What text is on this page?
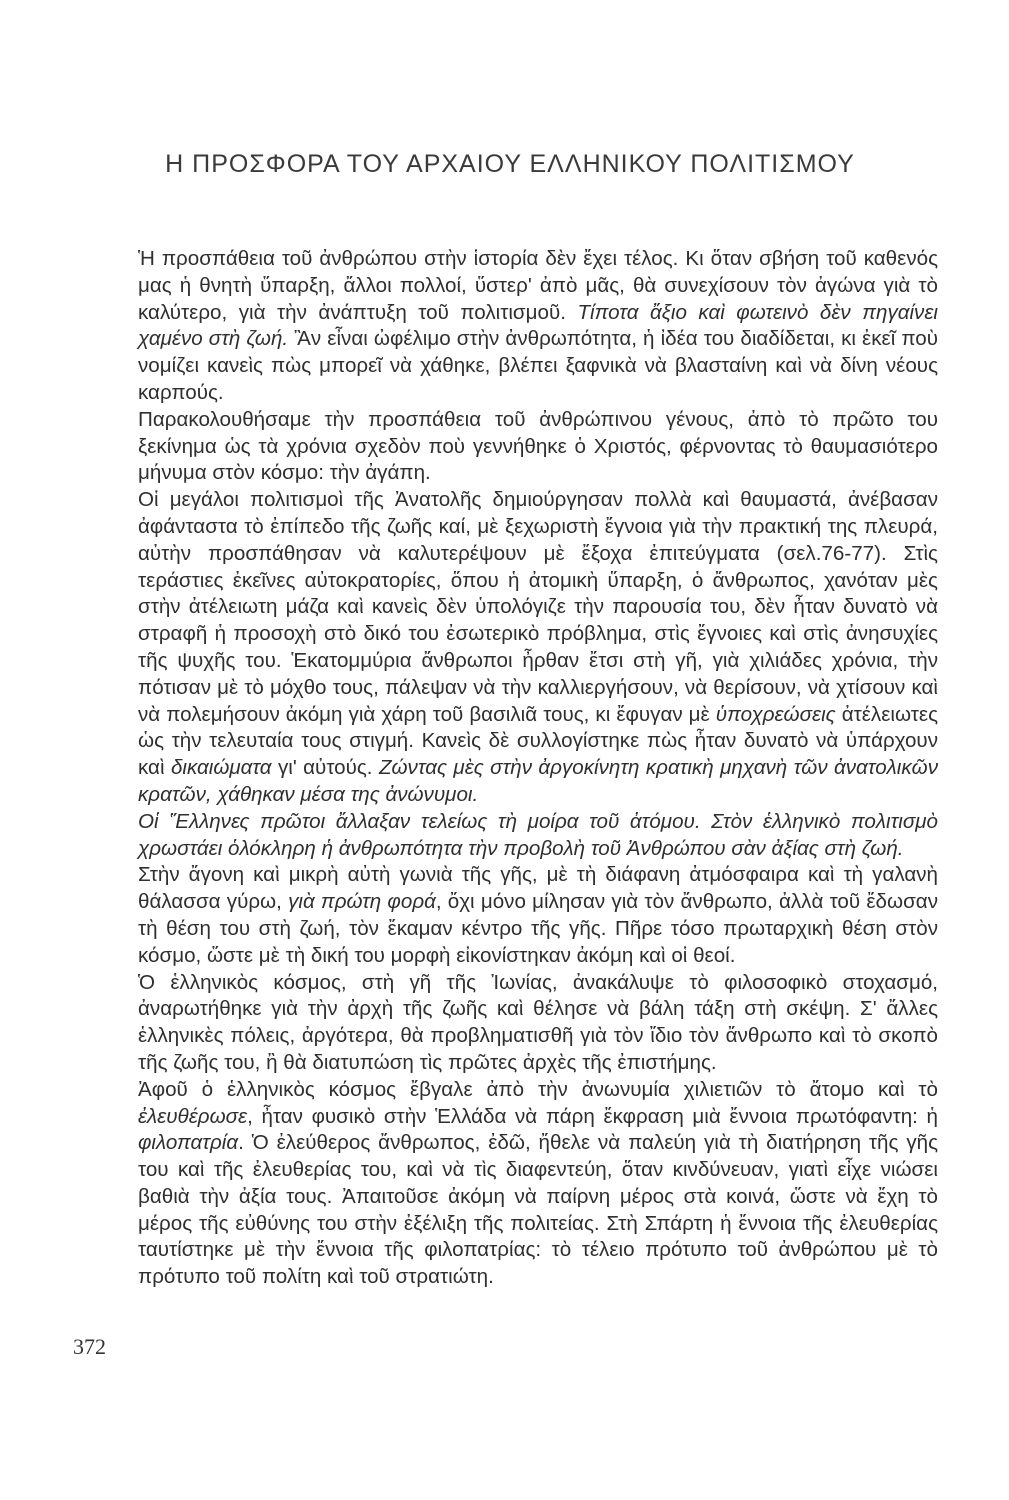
Η ΠΡΟΣΦΟΡΑ ΤΟΥ ΑΡΧΑΙΟΥ ΕΛΛΗΝΙΚΟΥ ΠΟΛΙΤΙΣΜΟΥ

Ἡ προσπάθεια τοῦ ἀνθρώπου στὴν ἱστορία δὲν ἔχει τέλος. Κι ὅταν σβήση τοῦ καθενός μας ἡ θνητὴ ὕπαρξη, ἄλλοι πολλοί, ὕστερ' ἀπὸ μᾶς, θὰ συνεχίσουν τὸν ἀγώνα γιὰ τὸ καλύτερο, γιὰ τὴν ἀνάπτυξη τοῦ πολιτισμοῦ. Τίποτα ἄξιο καὶ φωτεινὸ δὲν πηγαίνει χαμένο στὴ ζωή. Ἂν εἶναι ὠφέλιμο στὴν ἀνθρωπότητα, ἡ ἰδέα του διαδίδεται, κι ἐκεῖ ποὺ νομίζει κανεὶς πὼς μπορεῖ νὰ χάθηκε, βλέπει ξαφνικὰ νὰ βλασταίνη καὶ νὰ δίνη νέους καρπούς.

Παρακολουθήσαμε τὴν προσπάθεια τοῦ ἀνθρώπινου γένους, ἀπὸ τὸ πρῶτο του ξεκίνημα ὡς τὰ χρόνια σχεδὸν ποὺ γεννήθηκε ὁ Χριστός, φέρνοντας τὸ θαυμασιότερο μήνυμα στὸν κόσμο: τὴν ἀγάπη.

Οἱ μεγάλοι πολιτισμοὶ τῆς Ἀνατολῆς δημιούργησαν πολλὰ καὶ θαυμαστά, ἀνέβασαν ἀφάνταστα τὸ ἐπίπεδο τῆς ζωῆς καί, μὲ ξεχωριστὴ ἔγνοια γιὰ τὴν πρακτική της πλευρά, αὐτὴν προσπάθησαν νὰ καλυτερέψουν μὲ ἔξοχα ἐπιτεύγματα (σελ.76-77). Στὶς τεράστιες ἐκεῖνες αὐτοκρατορίες, ὅπου ἡ ἀτομικὴ ὕπαρξη, ὁ ἄνθρωπος, χανόταν μὲς στὴν ἀτέλειωτη μάζα καὶ κανεὶς δὲν ὑπολόγιζε τὴν παρουσία του, δὲν ἦταν δυνατὸ νὰ στραφῆ ἡ προσοχὴ στὸ δικό του ἐσωτερικὸ πρόβλημα, στὶς ἔγνοιες καὶ στὶς ἀνησυχίες τῆς ψυχῆς του. Ἑκατομμύρια ἄνθρωποι ἦρθαν ἔτσι στὴ γῆ, γιὰ χιλιάδες χρόνια, τὴν πότισαν μὲ τὸ μόχθο τους, πάλεψαν νὰ τὴν καλλιεργήσουν, νὰ θερίσουν, νὰ χτίσουν καὶ νὰ πολεμήσουν ἀκόμη γιὰ χάρη τοῦ βασιλιᾶ τους, κι ἔφυγαν μὲ ὑποχρεώσεις ἀτέλειωτες ὡς τὴν τελευταία τους στιγμή. Κανεὶς δὲ συλλογίστηκε πὼς ἦταν δυνατὸ νὰ ὑπάρχουν καὶ δικαιώματα γι' αὐτούς. Ζώντας μὲς στὴν ἀργοκίνητη κρατικὴ μηχανὴ τῶν ἀνατολικῶν κρατῶν, χάθηκαν μέσα της ἀνώνυμοι.

Οἱ Ἕλληνες πρῶτοι ἄλλαξαν τελείως τὴ μοίρα τοῦ ἀτόμου. Στὸν ἑλληνικὸ πολιτισμὸ χρωστάει ὁλόκληρη ἡ ἀνθρωπότητα τὴν προβολὴ τοῦ Ἀνθρώπου σὰν ἀξίας στὴ ζωή.

Στὴν ἄγονη καὶ μικρὴ αὐτὴ γωνιὰ τῆς γῆς, μὲ τὴ διάφανη ἀτμόσφαιρα καὶ τὴ γαλανὴ θάλασσα γύρω, γιὰ πρώτη φορά, ὄχι μόνο μίλησαν γιὰ τὸν ἄνθρωπο, ἀλλὰ τοῦ ἔδωσαν τὴ θέση του στὴ ζωή, τὸν ἔκαμαν κέντρο τῆς γῆς. Πῆρε τόσο πρωταρχικὴ θέση στὸν κόσμο, ὥστε μὲ τὴ δική του μορφὴ εἰκονίστηκαν ἀκόμη καὶ οἱ θεοί.

Ὁ ἑλληνικὸς κόσμος, στὴ γῆ τῆς Ἰωνίας, ἀνακάλυψε τὸ φιλοσοφικὸ στοχασμό, ἀναρωτήθηκε γιὰ τὴν ἀρχὴ τῆς ζωῆς καὶ θέλησε νὰ βάλη τάξη στὴ σκέψη. Σ' ἄλλες ἑλληνικὲς πόλεις, ἀργότερα, θὰ προβληματισθῆ γιὰ τὸν ἴδιο τὸν ἄνθρωπο καὶ τὸ σκοπὸ τῆς ζωῆς του, ἢ θὰ διατυπώση τὶς πρῶτες ἀρχὲς τῆς ἐπιστήμης.

Ἀφοῦ ὁ ἑλληνικὸς κόσμος ἔβγαλε ἀπὸ τὴν ἀνωνυμία χιλιετιῶν τὸ ἄτομο καὶ τὸ ἐλευθέρωσε, ἦταν φυσικὸ στὴν Ἑλλάδα νὰ πάρη ἔκφραση μιὰ ἔννοια πρωτόφαντη: ἡ φιλοπατρία. Ὁ ἐλεύθερος ἄνθρωπος, ἐδῶ, ἤθελε νὰ παλεύη γιὰ τὴ διατήρηση τῆς γῆς του καὶ τῆς ἐλευθερίας του, καὶ νὰ τὶς διαφεντεύη, ὅταν κινδύνευαν, γιατὶ εἶχε νιώσει βαθιὰ τὴν ἀξία τους. Ἀπαιτοῦσε ἀκόμη νὰ παίρνη μέρος στὰ κοινά, ὥστε νὰ ἔχη τὸ μέρος τῆς εὐθύνης του στὴν ἐξέλιξη τῆς πολιτείας. Στὴ Σπάρτη ἡ ἔννοια τῆς ἐλευθερίας ταυτίστηκε μὲ τὴν ἔννοια τῆς φιλοπατρίας: τὸ τέλειο πρότυπο τοῦ ἀνθρώπου μὲ τὸ πρότυπο τοῦ πολίτη καὶ τοῦ στρατιώτη.

372
